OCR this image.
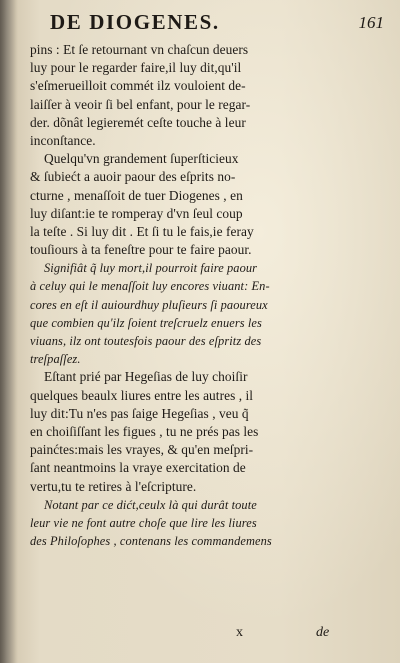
DE DIOGENES.	161
pins : Et ſe retournant vn chaſcun deuers
luy pour le regarder faire,il luy dit,qu'il
s'eſmerueilloit commét ilz vouloient de-
laiſſer à veoir ſi bel enfant, pour le regar-
der. dõnât legieremét ceſte touche à leur
inconſtance.
Quelqu'vn grandement ſuperſticieux
& ſubiećt a auoir paour des eſprits no-
cturne , menaſſoit de tuer Diogenes , en
luy diſant:ie te romperay d'vn ſeul coup
la teſte . Si luy dit . Et ſi tu le fais,ie feray
touſiours à ta feneſtre pour te faire paour.
Signifiât q̃ luy mort,il pourroit faire paour
à celuy qui le menaſſoit luy encores viuant: En-
cores en eſt il auiourdhuy pluſieurs ſi paoureux
que combien qu'ilz ſoient treſcruelz enuers les
viuans, ilz ont toutesfois paour des eſpritz des
treſpaſſez.
Eſtant prié par Hegeſias de luy choiſir
quelques beaulx liures entre les autres , il
luy dit:Tu n'es pas ſaige Hegeſias , veu q̃
en choiſiſſant les figues , tu ne prés pas les
painćtes:mais les vrayes, & qu'en meſpri-
ſant neantmoins la vraye exercitation de
vertu,tu te retires à l'eſcripture.
Notant par ce dićt,ceulx là qui durât toute
leur vie ne font autre choſe que lire les liures
des Philoſophes , contenans les commandemens
x	de
